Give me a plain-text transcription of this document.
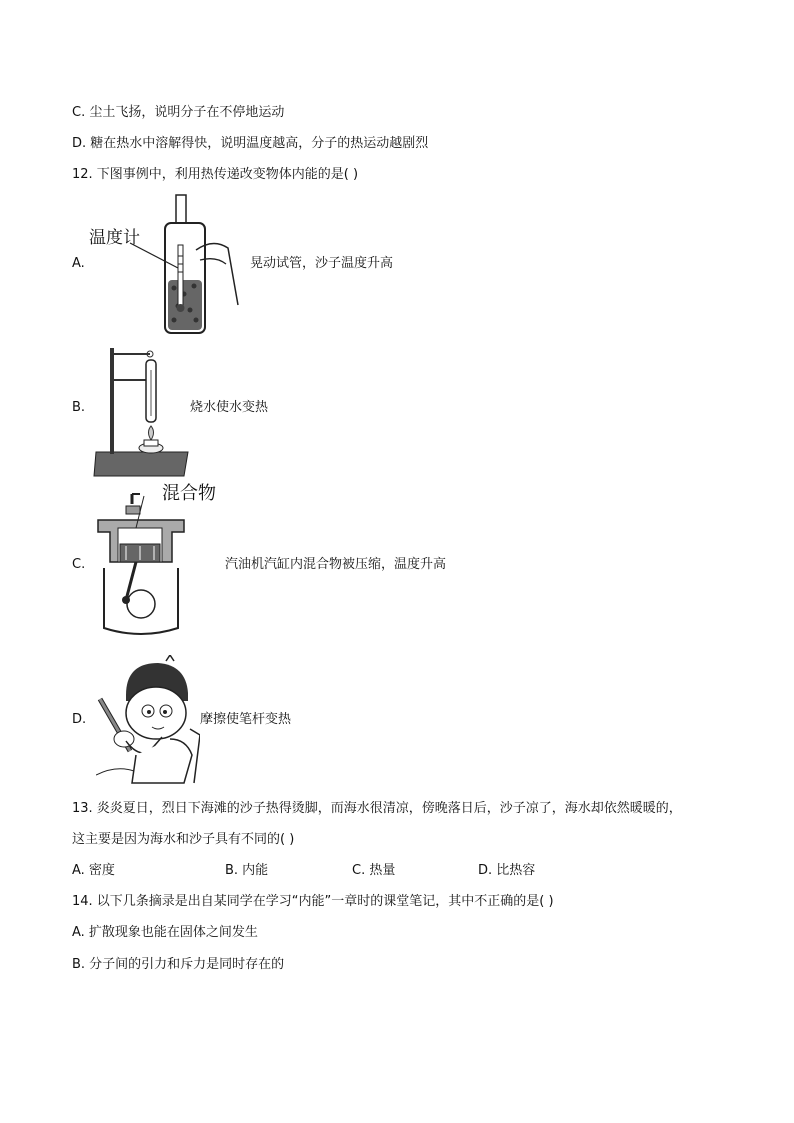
C. 尘土飞扬，说明分子在不停地运动
D. 糖在热水中溶解得快，说明温度越高，分子的热运动越剧烈
12. 下图事例中，利用热传递改变物体内能的是( )
A.
温度计
晃动试管，沙子温度升高
B.	烧水使水变热
C.
混合物
汽油机汽缸内混合物被压缩，温度升高
D.	摩擦使笔杆变热
13. 炎炎夏日，烈日下海滩的沙子热得烫脚，而海水很清凉，傍晚落日后，沙子凉了，海水却依然暖暖的，
这主要是因为海水和沙子具有不同的( )
A. 密度	B. 内能	C. 热量	D. 比热容
14. 以下几条摘录是出自某同学在学习“内能”一章时的课堂笔记，其中不正确的是( )
A. 扩散现象也能在固体之间发生
B. 分子间的引力和斥力是同时存在的
